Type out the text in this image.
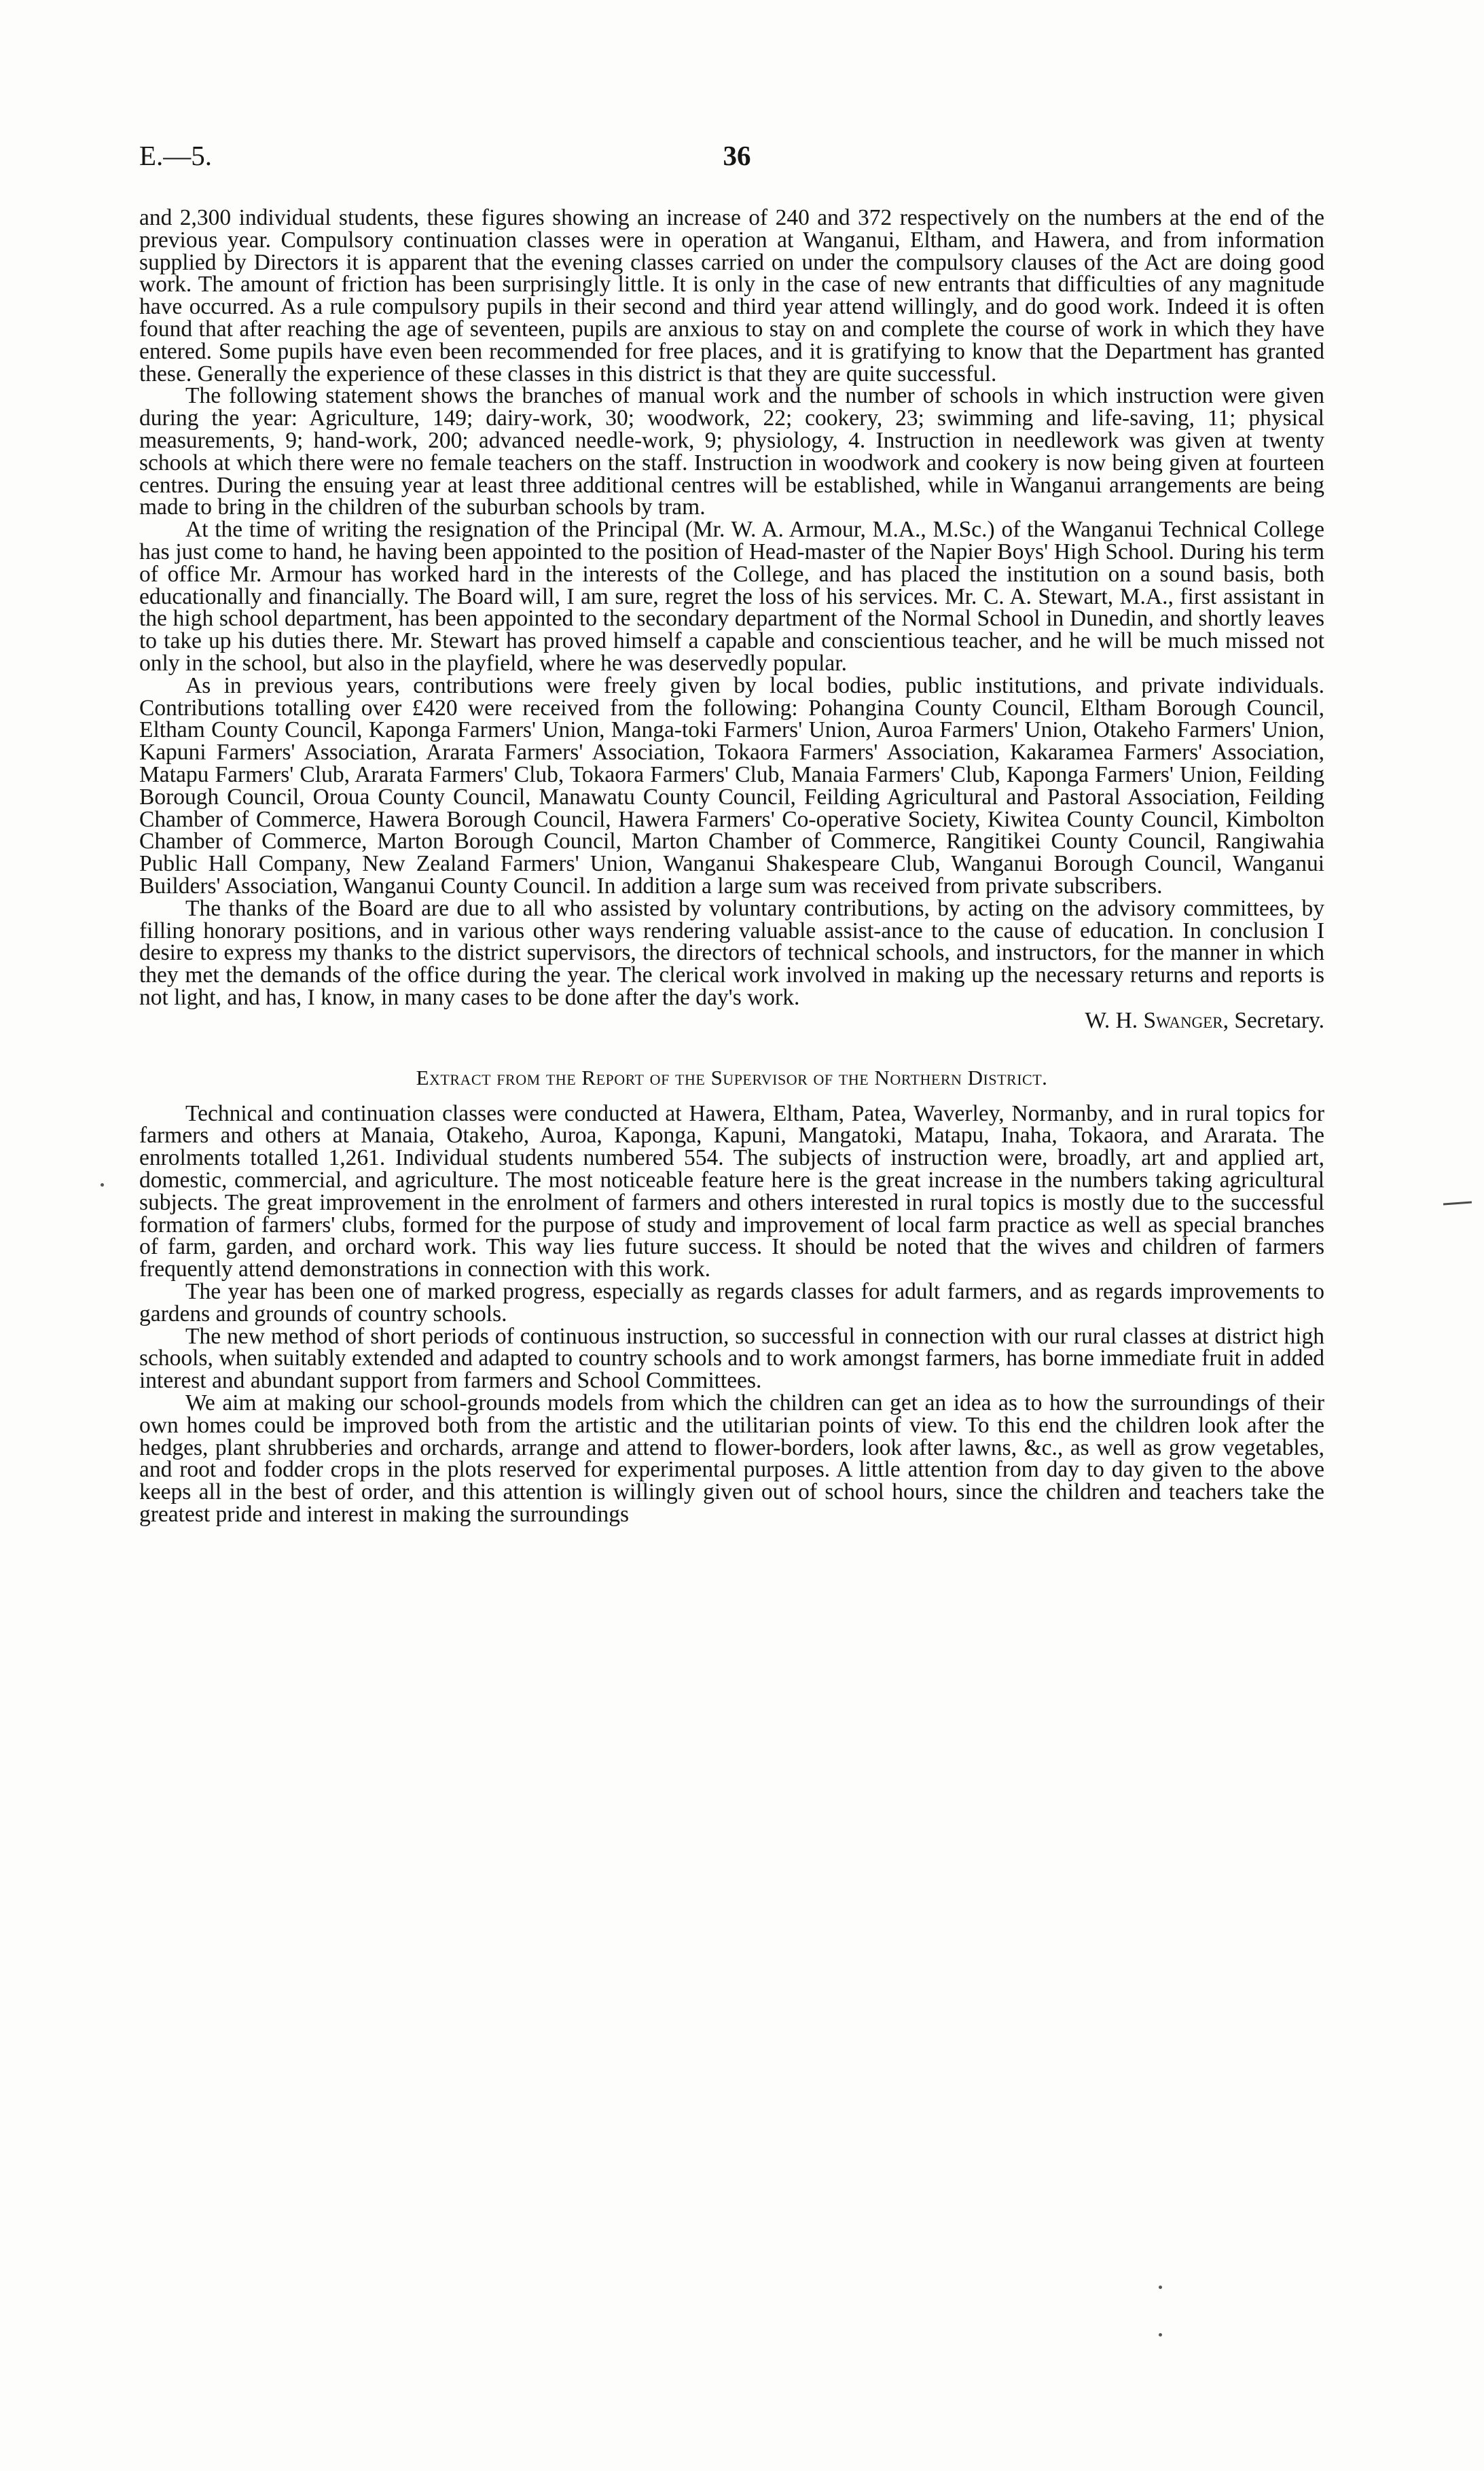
E.—5.	36

and 2,300 individual students, these figures showing an increase of 240 and 372 respectively on the numbers at the end of the previous year. Compulsory continuation classes were in operation at Wanganui, Eltham, and Hawera, and from information supplied by Directors it is apparent that the evening classes carried on under the compulsory clauses of the Act are doing good work. The amount of friction has been surprisingly little. It is only in the case of new entrants that difficulties of any magnitude have occurred. As a rule compulsory pupils in their second and third year attend willingly, and do good work. Indeed it is often found that after reaching the age of seventeen, pupils are anxious to stay on and complete the course of work in which they have entered. Some pupils have even been recommended for free places, and it is gratifying to know that the Department has granted these. Generally the experience of these classes in this district is that they are quite successful.

The following statement shows the branches of manual work and the number of schools in which instruction were given during the year: Agriculture, 149; dairy-work, 30; woodwork, 22; cookery, 23; swimming and life-saving, 11; physical measurements, 9; hand-work, 200; advanced needle-work, 9; physiology, 4. Instruction in needlework was given at twenty schools at which there were no female teachers on the staff. Instruction in woodwork and cookery is now being given at fourteen centres. During the ensuing year at least three additional centres will be established, while in Wanganui arrangements are being made to bring in the children of the suburban schools by tram.

At the time of writing the resignation of the Principal (Mr. W. A. Armour, M.A., M.Sc.) of the Wanganui Technical College has just come to hand, he having been appointed to the position of Head-master of the Napier Boys' High School. During his term of office Mr. Armour has worked hard in the interests of the College, and has placed the institution on a sound basis, both educationally and financially. The Board will, I am sure, regret the loss of his services. Mr. C. A. Stewart, M.A., first assistant in the high school department, has been appointed to the secondary department of the Normal School in Dunedin, and shortly leaves to take up his duties there. Mr. Stewart has proved himself a capable and conscientious teacher, and he will be much missed not only in the school, but also in the playfield, where he was deservedly popular.

As in previous years, contributions were freely given by local bodies, public institutions, and private individuals. Contributions totalling over £420 were received from the following: Pohangina County Council, Eltham Borough Council, Eltham County Council, Kaponga Farmers' Union, Manga-toki Farmers' Union, Auroa Farmers' Union, Otakeho Farmers' Union, Kapuni Farmers' Association, Ararata Farmers' Association, Tokaora Farmers' Association, Kakaramea Farmers' Association, Matapu Farmers' Club, Ararata Farmers' Club, Tokaora Farmers' Club, Manaia Farmers' Club, Kaponga Farmers' Union, Feilding Borough Council, Oroua County Council, Manawatu County Council, Feilding Agricultural and Pastoral Association, Feilding Chamber of Commerce, Hawera Borough Council, Hawera Farmers' Co-operative Society, Kiwitea County Council, Kimbolton Chamber of Commerce, Marton Borough Council, Marton Chamber of Commerce, Rangitikei County Council, Rangiwahia Public Hall Company, New Zealand Farmers' Union, Wanganui Shakespeare Club, Wanganui Borough Council, Wanganui Builders' Association, Wanganui County Council. In addition a large sum was received from private subscribers.

The thanks of the Board are due to all who assisted by voluntary contributions, by acting on the advisory committees, by filling honorary positions, and in various other ways rendering valuable assist-ance to the cause of education. In conclusion I desire to express my thanks to the district supervisors, the directors of technical schools, and instructors, for the manner in which they met the demands of the office during the year. The clerical work involved in making up the necessary returns and reports is not light, and has, I know, in many cases to be done after the day's work.

W. H. Swanger, Secretary.

Extract from the Report of the Supervisor of the Northern District.

Technical and continuation classes were conducted at Hawera, Eltham, Patea, Waverley, Normanby, and in rural topics for farmers and others at Manaia, Otakeho, Auroa, Kaponga, Kapuni, Mangatoki, Matapu, Inaha, Tokaora, and Ararata. The enrolments totalled 1,261. Individual students numbered 554. The subjects of instruction were, broadly, art and applied art, domestic, commercial, and agriculture. The most noticeable feature here is the great increase in the numbers taking agricultural subjects. The great improvement in the enrolment of farmers and others interested in rural topics is mostly due to the successful formation of farmers' clubs, formed for the purpose of study and improvement of local farm practice as well as special branches of farm, garden, and orchard work. This way lies future success. It should be noted that the wives and children of farmers frequently attend demonstrations in connection with this work.

The year has been one of marked progress, especially as regards classes for adult farmers, and as regards improvements to gardens and grounds of country schools.

The new method of short periods of continuous instruction, so successful in connection with our rural classes at district high schools, when suitably extended and adapted to country schools and to work amongst farmers, has borne immediate fruit in added interest and abundant support from farmers and School Committees.

We aim at making our school-grounds models from which the children can get an idea as to how the surroundings of their own homes could be improved both from the artistic and the utilitarian points of view. To this end the children look after the hedges, plant shrubberies and orchards, arrange and attend to flower-borders, look after lawns, &c., as well as grow vegetables, and root and fodder crops in the plots reserved for experimental purposes. A little attention from day to day given to the above keeps all in the best of order, and this attention is willingly given out of school hours, since the children and teachers take the greatest pride and interest in making the surroundings
